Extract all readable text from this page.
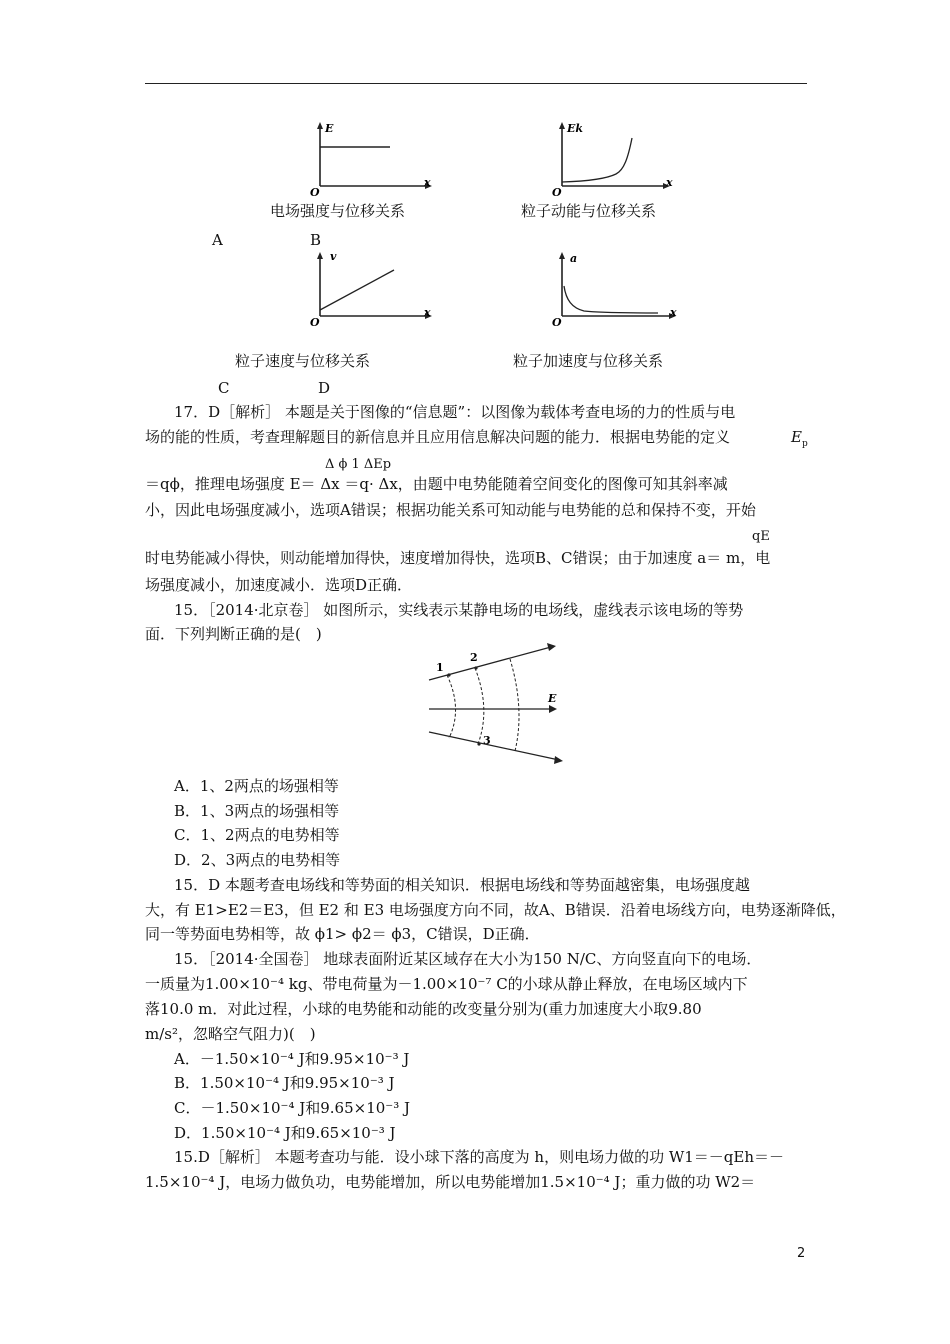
E
O
x
电场强度与位移关系
Ek
O
x
粒子动能与位移关系
A	B
v
O
x
粒子速度与位移关系
a
O
x
粒子加速度与位移关系
C	D
17．D［解析］ 本题是关于图像的“信息题”：以图像为载体考查电场的力的性质与电
场的能的性质，考查理解题目的新信息并且应用信息解决问题的能力．根据电势能的定义	$E_p$
Δ ϕ 1 ΔEp
＝qϕ，推理电场强度 E＝ Δx ＝q· Δx，由题中电势能随着空间变化的图像可知其斜率减
小，因此电场强度减小，选项A错误；根据功能关系可知动能与电势能的总和保持不变，开始
qE
时电势能减小得快，则动能增加得快，速度增加得快，选项B、C错误；由于加速度 a＝ m，电
场强度减小，加速度减小．选项D正确．
15．［2014·北京卷］ 如图所示，实线表示某静电场的电场线，虚线表示该电场的等势
面．下列判断正确的是(　)
1
2
3
E
A．1、2两点的场强相等
B．1、3两点的场强相等
C．1、2两点的电势相等
D．2、3两点的电势相等
15．D 本题考查电场线和等势面的相关知识．根据电场线和等势面越密集，电场强度越
大，有 E1>E2＝E3，但 E2 和 E3 电场强度方向不同，故A、B错误．沿着电场线方向，电势逐渐降低，
同一等势面电势相等，故 ϕ1> ϕ2＝ ϕ3，C错误，D正确．
15．［2014·全国卷］ 地球表面附近某区域存在大小为150 N/C、方向竖直向下的电场．
一质量为1.00×10⁻⁴ kg、带电荷量为－1.00×10⁻⁷ C的小球从静止释放，在电场区域内下
落10.0 m．对此过程，小球的电势能和动能的改变量分别为(重力加速度大小取9.80
m/s²，忽略空气阻力)(　)
A．－1.50×10⁻⁴ J和9.95×10⁻³ J
B．1.50×10⁻⁴ J和9.95×10⁻³ J
C．－1.50×10⁻⁴ J和9.65×10⁻³ J
D．1.50×10⁻⁴ J和9.65×10⁻³ J
15.D［解析］ 本题考查功与能．设小球下落的高度为 h，则电场力做的功 W1＝－qEh＝－
1.5×10⁻⁴ J，电场力做负功，电势能增加，所以电势能增加1.5×10⁻⁴ J；重力做的功 W2＝
2
